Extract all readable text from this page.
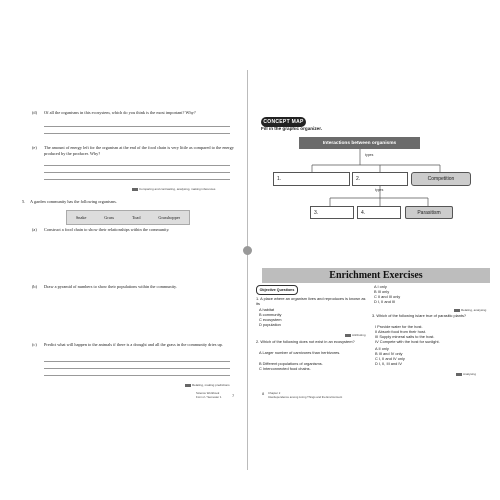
(d) Of all the organisms in this ecosystem, which do you think is the most important? Why?
(e) The amount of energy left for the organism at the end of the food chain is very little as compared to the energy produced by the producer. Why?
Comparing and contrasting, analysing, making inferences
5. A garden community has the following organisms.
Snake	Grass	Toad	Grasshopper
(a) Construct a food chain to show their relationships within the community.
(b) Draw a pyramid of numbers to show their populations within the community.
(c) Predict what will happen to the animals if there is a drought and all the grass in the community dries up.
Relating, making predictions
Science Workbook
Form 2 / Semester 1	7
CONCEPT MAP
Fill in the graphic organizer.
Interactions between organisms
types
1.	2.	Competition
types
3.	4.	Parasitism
Enrichment Exercises
Objective Questions
1. A place where an organism lives and reproduces is known as its
A habitat
B community
C ecosystem
D population
Attributing
2. Which of the following does not exist in an ecosystem?
A Larger number of carnivores than herbivores.
B Different populations of organisms.
C Interconnected food chains.
A I only
B III only
C II and III only
D I, II and III
Relating, analysing
3. Which of the following is/are true of parasitic plants?
I Provide water for the host.
II Absorb food from their host.
III Supply mineral salts to the host.
IV Compete with the host for sunlight.
A II only
B III and IV only
C I, II and IV only
D I, II, III and IV
Analysing
8 Chapter 2
Interdependence among Living Things and the Environment
